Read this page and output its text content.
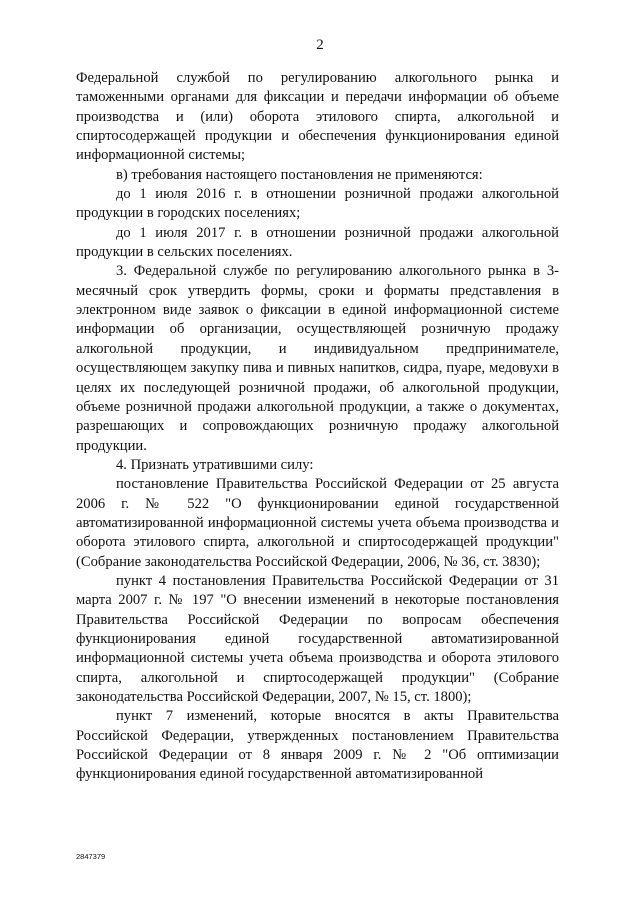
2

Федеральной службой по регулированию алкогольного рынка и таможенными органами для фиксации и передачи информации об объеме производства и (или) оборота этилового спирта, алкогольной и спиртосодержащей продукции и обеспечения функционирования единой информационной системы;

в) требования настоящего постановления не применяются:

до 1 июля 2016 г. в отношении розничной продажи алкогольной продукции в городских поселениях;

до 1 июля 2017 г. в отношении розничной продажи алкогольной продукции в сельских поселениях.

3. Федеральной службе по регулированию алкогольного рынка в 3-месячный срок утвердить формы, сроки и форматы представления в электронном виде заявок о фиксации в единой информационной системе информации об организации, осуществляющей розничную продажу алкогольной продукции, и индивидуальном предпринимателе, осуществляющем закупку пива и пивных напитков, сидра, пуаре, медовухи в целях их последующей розничной продажи, об алкогольной продукции, объеме розничной продажи алкогольной продукции, а также о документах, разрешающих и сопровождающих розничную продажу алкогольной продукции.

4. Признать утратившими силу:

постановление Правительства Российской Федерации от 25 августа 2006 г. № 522 "О функционировании единой государственной автоматизированной информационной системы учета объема производства и оборота этилового спирта, алкогольной и спиртосодержащей продукции" (Собрание законодательства Российской Федерации, 2006, № 36, ст. 3830);

пункт 4 постановления Правительства Российской Федерации от 31 марта 2007 г. № 197 "О внесении изменений в некоторые постановления Правительства Российской Федерации по вопросам обеспечения функционирования единой государственной автоматизированной информационной системы учета объема производства и оборота этилового спирта, алкогольной и спиртосодержащей продукции" (Собрание законодательства Российской Федерации, 2007, № 15, ст. 1800);

пункт 7 изменений, которые вносятся в акты Правительства Российской Федерации, утвержденных постановлением Правительства Российской Федерации от 8 января 2009 г. № 2 "Об оптимизации функционирования единой государственной автоматизированной

2847379
